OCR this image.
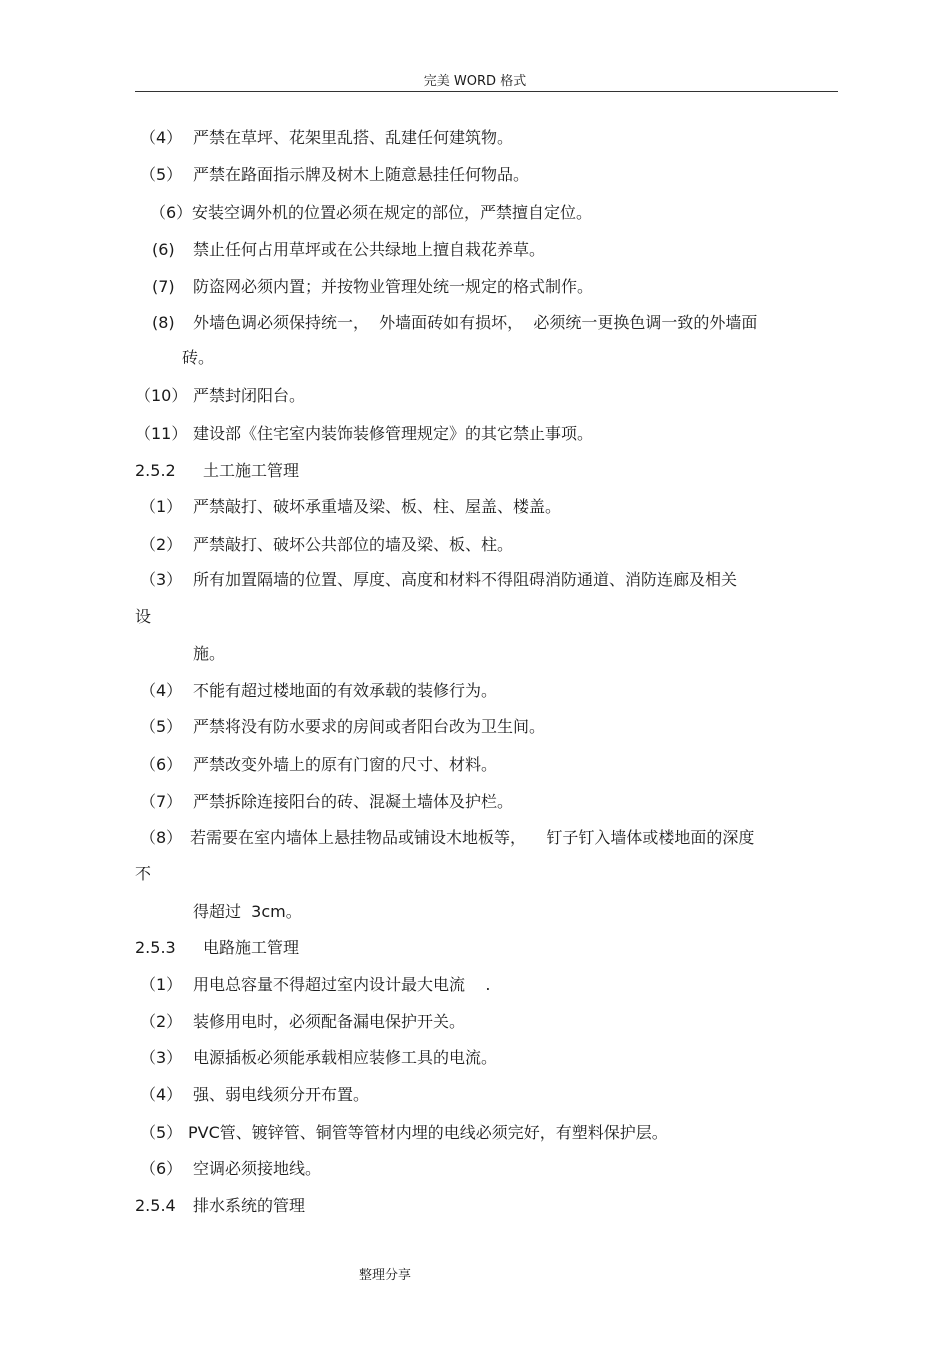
完美 WORD 格式
（4） 严禁在草坪、花架里乱搭、乱建任何建筑物。
（5） 严禁在路面指示牌及树木上随意悬挂任何物品。
（6） 安装空调外机的位置必须在规定的部位，严禁擅自定位。
(6) 禁止任何占用草坪或在公共绿地上擅自栽花养草。
(7) 防盗网必须内置；并按物业管理处统一规定的格式制作。
(8) 外墙色调必须保持统一，  外墙面砖如有损坏，  必须统一更换色调一致的外墙面
砖。
（10） 严禁封闭阳台。
（11） 建设部《住宅室内装饰装修管理规定》的其它禁止事项。
2.5.2 土工施工管理
（1） 严禁敲打、破坏承重墙及梁、板、柱、屋盖、楼盖。
（2） 严禁敲打、破坏公共部位的墙及梁、板、柱。
（3） 所有加置隔墙的位置、厚度、高度和材料不得阻碍消防通道、消防连廊及相关
设
施。
（4） 不能有超过楼地面的有效承载的装修行为。
（5） 严禁将没有防水要求的房间或者阳台改为卫生间。
（6） 严禁改变外墙上的原有门窗的尺寸、材料。
（7） 严禁拆除连接阳台的砖、混凝土墙体及护栏。
（8） 若需要在室内墙体上悬挂物品或铺设木地板等，    钉子钉入墙体或楼地面的深度
不
得超过  3cm。
2.5.3 电路施工管理
（1） 用电总容量不得超过室内设计最大电流    .
（2） 装修用电时，必须配备漏电保护开关。
（3） 电源插板必须能承载相应装修工具的电流。
（4） 强、弱电线须分开布置。
（5） PVC管、镀锌管、铜管等管材内埋的电线必须完好，有塑料保护层。
（6） 空调必须接地线。
2.5.4 排水系统的管理
整理分享
